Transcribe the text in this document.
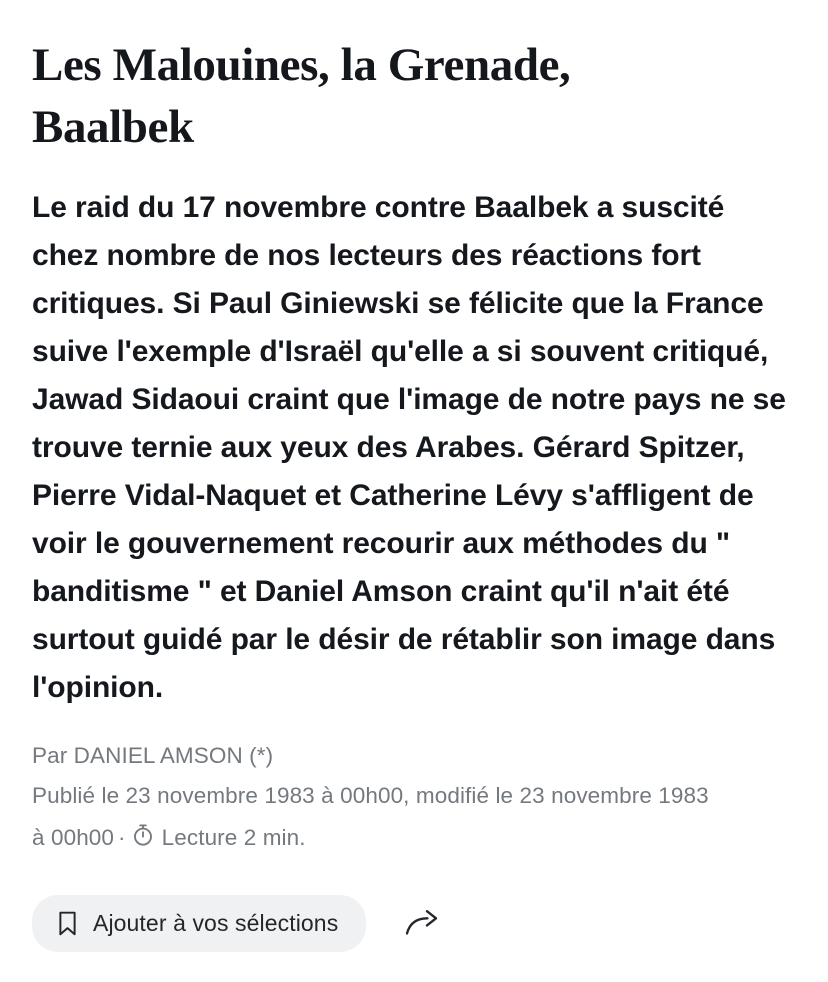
Les Malouines, la Grenade, Baalbek

Le raid du 17 novembre contre Baalbek a suscité chez nombre de nos lecteurs des réactions fort critiques. Si Paul Giniewski se félicite que la France suive l'exemple d'Israël qu'elle a si souvent critiqué, Jawad Sidaoui craint que l'image de notre pays ne se trouve ternie aux yeux des Arabes. Gérard Spitzer, Pierre Vidal-Naquet et Catherine Lévy s'affligent de voir le gouvernement recourir aux méthodes du " banditisme " et Daniel Amson craint qu'il n'ait été surtout guidé par le désir de rétablir son image dans l'opinion.

Par DANIEL AMSON (*)
Publié le 23 novembre 1983 à 00h00, modifié le 23 novembre 1983 à 00h00 · Lecture 2 min.
Ajouter à vos sélections
